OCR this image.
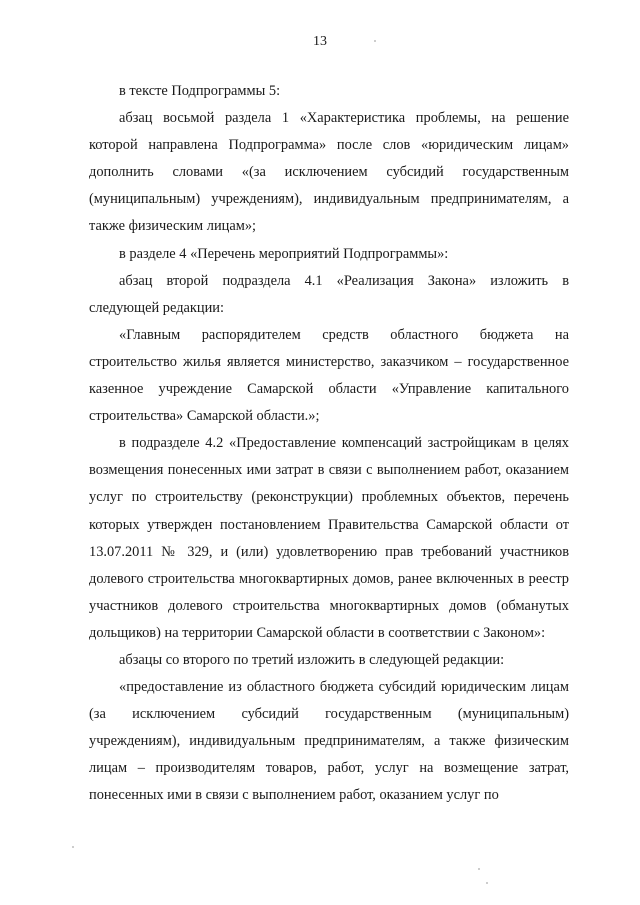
13

в тексте Подпрограммы 5:

абзац восьмой раздела 1 «Характеристика проблемы, на решение которой направлена Подпрограмма» после слов «юридическим лицам» дополнить словами «(за исключением субсидий государственным (муниципальным) учреждениям), индивидуальным предпринимателям, а также физическим лицам»;

в разделе 4 «Перечень мероприятий Подпрограммы»:

абзац второй подраздела 4.1 «Реализация Закона» изложить в следующей редакции:

«Главным распорядителем средств областного бюджета на строительство жилья является министерство, заказчиком – государственное казенное учреждение Самарской области «Управление капитального строительства» Самарской области.»;

в подразделе 4.2 «Предоставление компенсаций застройщикам в целях возмещения понесенных ими затрат в связи с выполнением работ, оказанием услуг по строительству (реконструкции) проблемных объектов, перечень которых утвержден постановлением Правительства Самарской области от 13.07.2011 № 329, и (или) удовлетворению прав требований участников долевого строительства многоквартирных домов, ранее включенных в реестр участников долевого строительства многоквартирных домов (обманутых дольщиков) на территории Самарской области в соответствии с Законом»:

абзацы со второго по третий изложить в следующей редакции:

«предоставление из областного бюджета субсидий юридическим лицам (за исключением субсидий государственным (муниципальным) учреждениям), индивидуальным предпринимателям, а также физическим лицам – производителям товаров, работ, услуг на возмещение затрат, понесенных ими в связи с выполнением работ, оказанием услуг по
